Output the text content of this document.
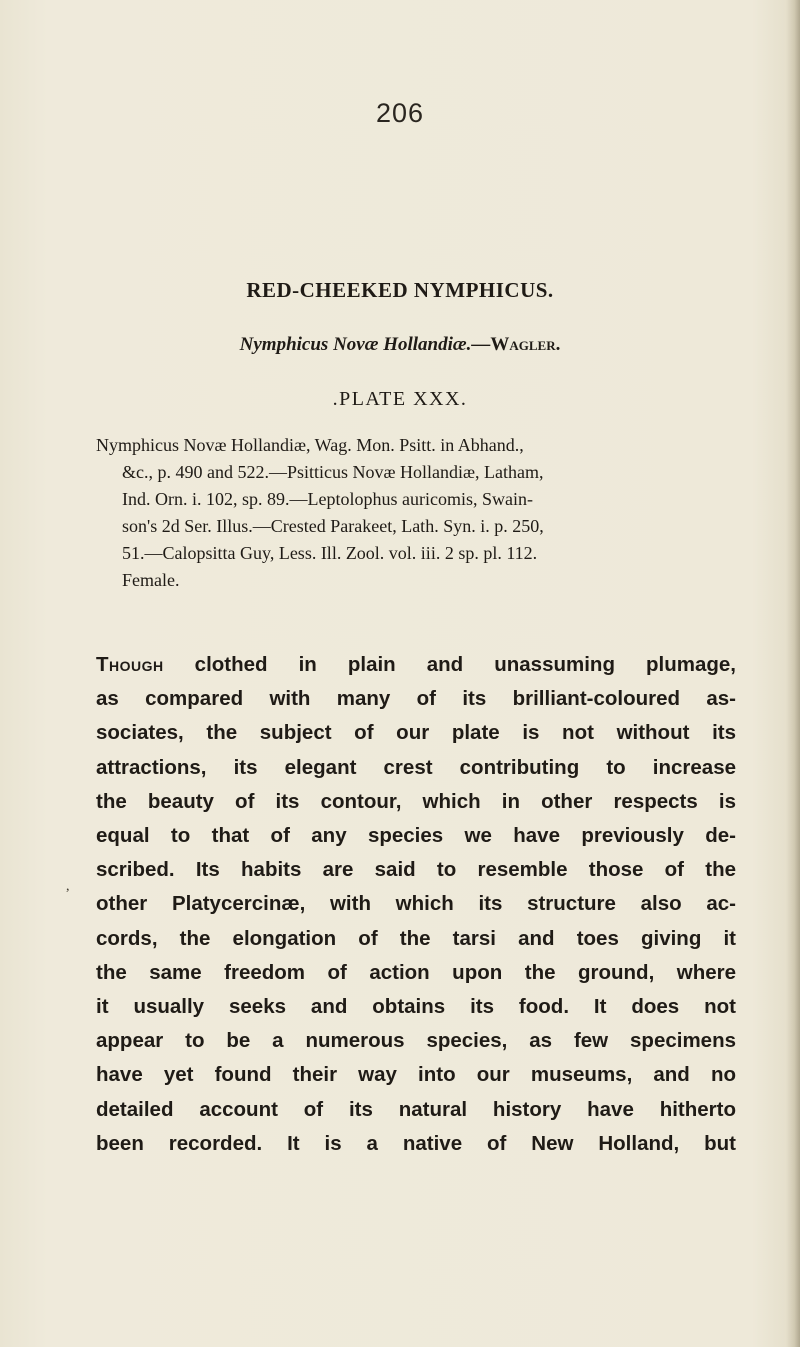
206
RED-CHEEKED NYMPHICUS.
Nymphicus Novæ Hollandiæ.—Wagler.
.PLATE XXX.
Nymphicus Novæ Hollandiæ, Wag. Mon. Psitt. in Abhand.,
&c., p. 490 and 522.—Psitticus Novæ Hollandiæ, Latham,
Ind. Orn. i. 102, sp. 89.—Leptolophus auricomis, Swain-
son's 2d Ser. Illus.—Crested Parakeet, Lath. Syn. i. p. 250,
51.—Calopsitta Guy, Less. Ill. Zool. vol. iii. 2 sp. pl. 112.
Female.
Though clothed in plain and unassuming plumage,
as compared with many of its brilliant-coloured as-
sociates, the subject of our plate is not without its
attractions, its elegant crest contributing to increase
the beauty of its contour, which in other respects is
equal to that of any species we have previously de-
scribed. Its habits are said to resemble those of the
other Platycercinæ, with which its structure also ac-
cords, the elongation of the tarsi and toes giving it
the same freedom of action upon the ground, where
it usually seeks and obtains its food. It does not
appear to be a numerous species, as few specimens
have yet found their way into our museums, and no
detailed account of its natural history have hitherto
been recorded. It is a native of New Holland, but
,
